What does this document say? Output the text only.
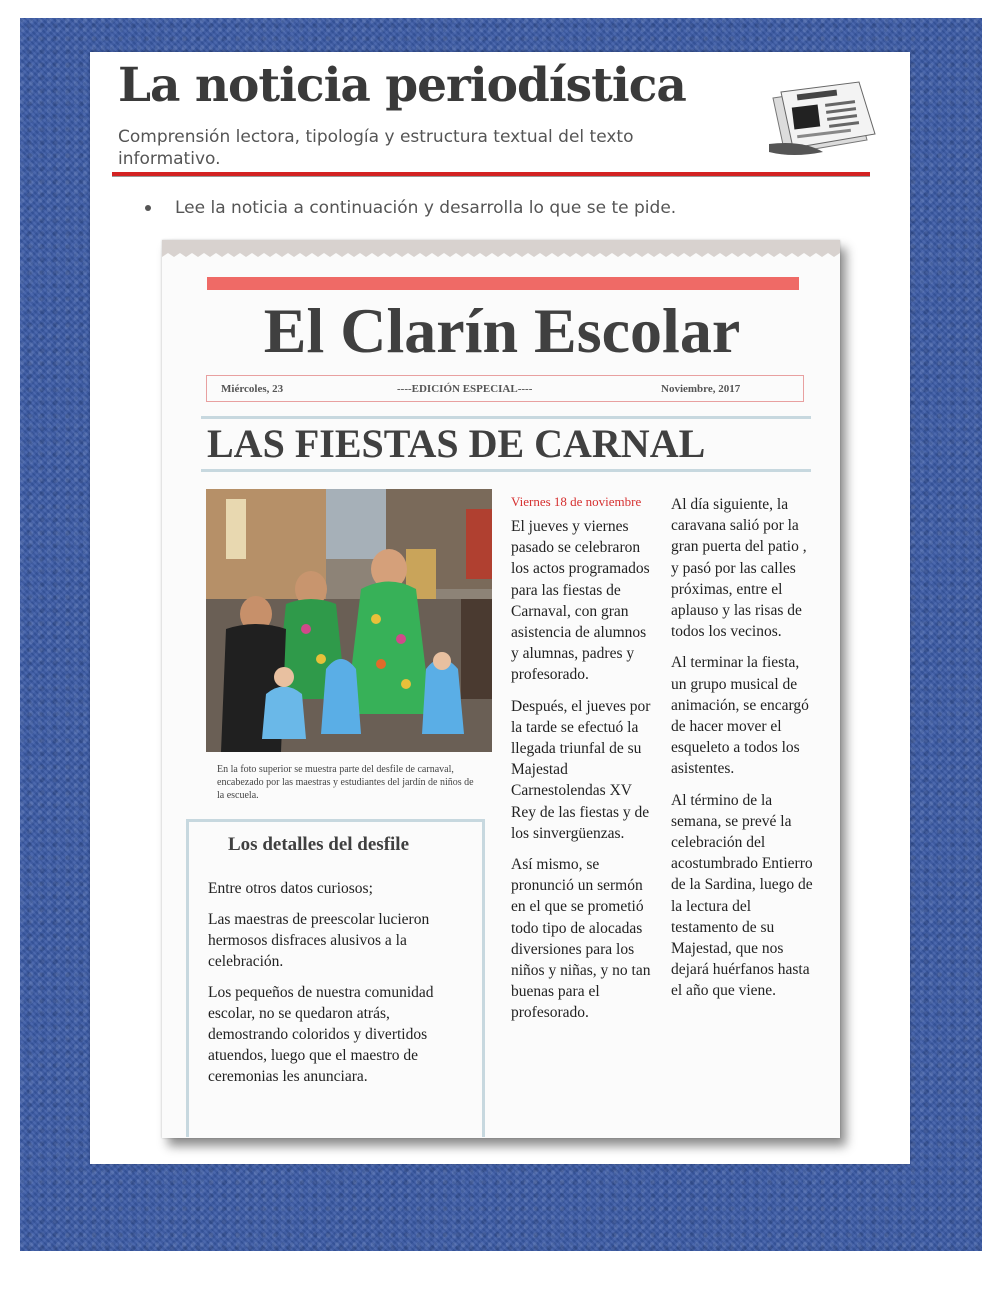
La noticia periodística
Comprensión lectora, tipología y estructura textual del texto informativo.
Lee la noticia a continuación y desarrolla lo que se te pide.
El Clarín Escolar
Miércoles, 23	----EDICIÓN ESPECIAL----	Noviembre, 2017
LAS FIESTAS DE CARNAL
En la foto superior se muestra parte del desfile de carnaval, encabezado por las maestras y estudiantes del jardín de niños de la escuela.
Los detalles del desfile

Entre otros datos curiosos;

Las maestras de preescolar lucieron hermosos disfraces alusivos a la celebración.

Los pequeños de nuestra comunidad escolar, no se quedaron atrás, demostrando coloridos y divertidos atuendos, luego que el maestro de ceremonias les anunciara.

Viernes 18 de noviembre

El jueves y viernes pasado se celebraron los actos programados para las fiestas de Carnaval, con gran asistencia de alumnos y alumnas, padres y profesorado.

Después, el jueves por la tarde se efectuó la llegada triunfal de su Majestad Carnestolendas XV Rey de las fiestas y de los sinvergüenzas.

Así mismo, se pronunció un sermón en el que se prometió todo tipo de alocadas diversiones para los niños y niñas, y no tan buenas para el profesorado.

Al día siguiente, la caravana salió por la gran puerta del patio , y pasó por las calles próximas, entre el aplauso y las risas de todos los vecinos.

Al terminar la fiesta, un grupo musical de animación, se encargó de hacer mover el esqueleto a todos los asistentes.

Al término de la semana, se prevé la celebración del acostumbrado Entierro de la Sardina, luego de la lectura del testamento de su Majestad, que nos dejará huérfanos hasta el año que viene.
